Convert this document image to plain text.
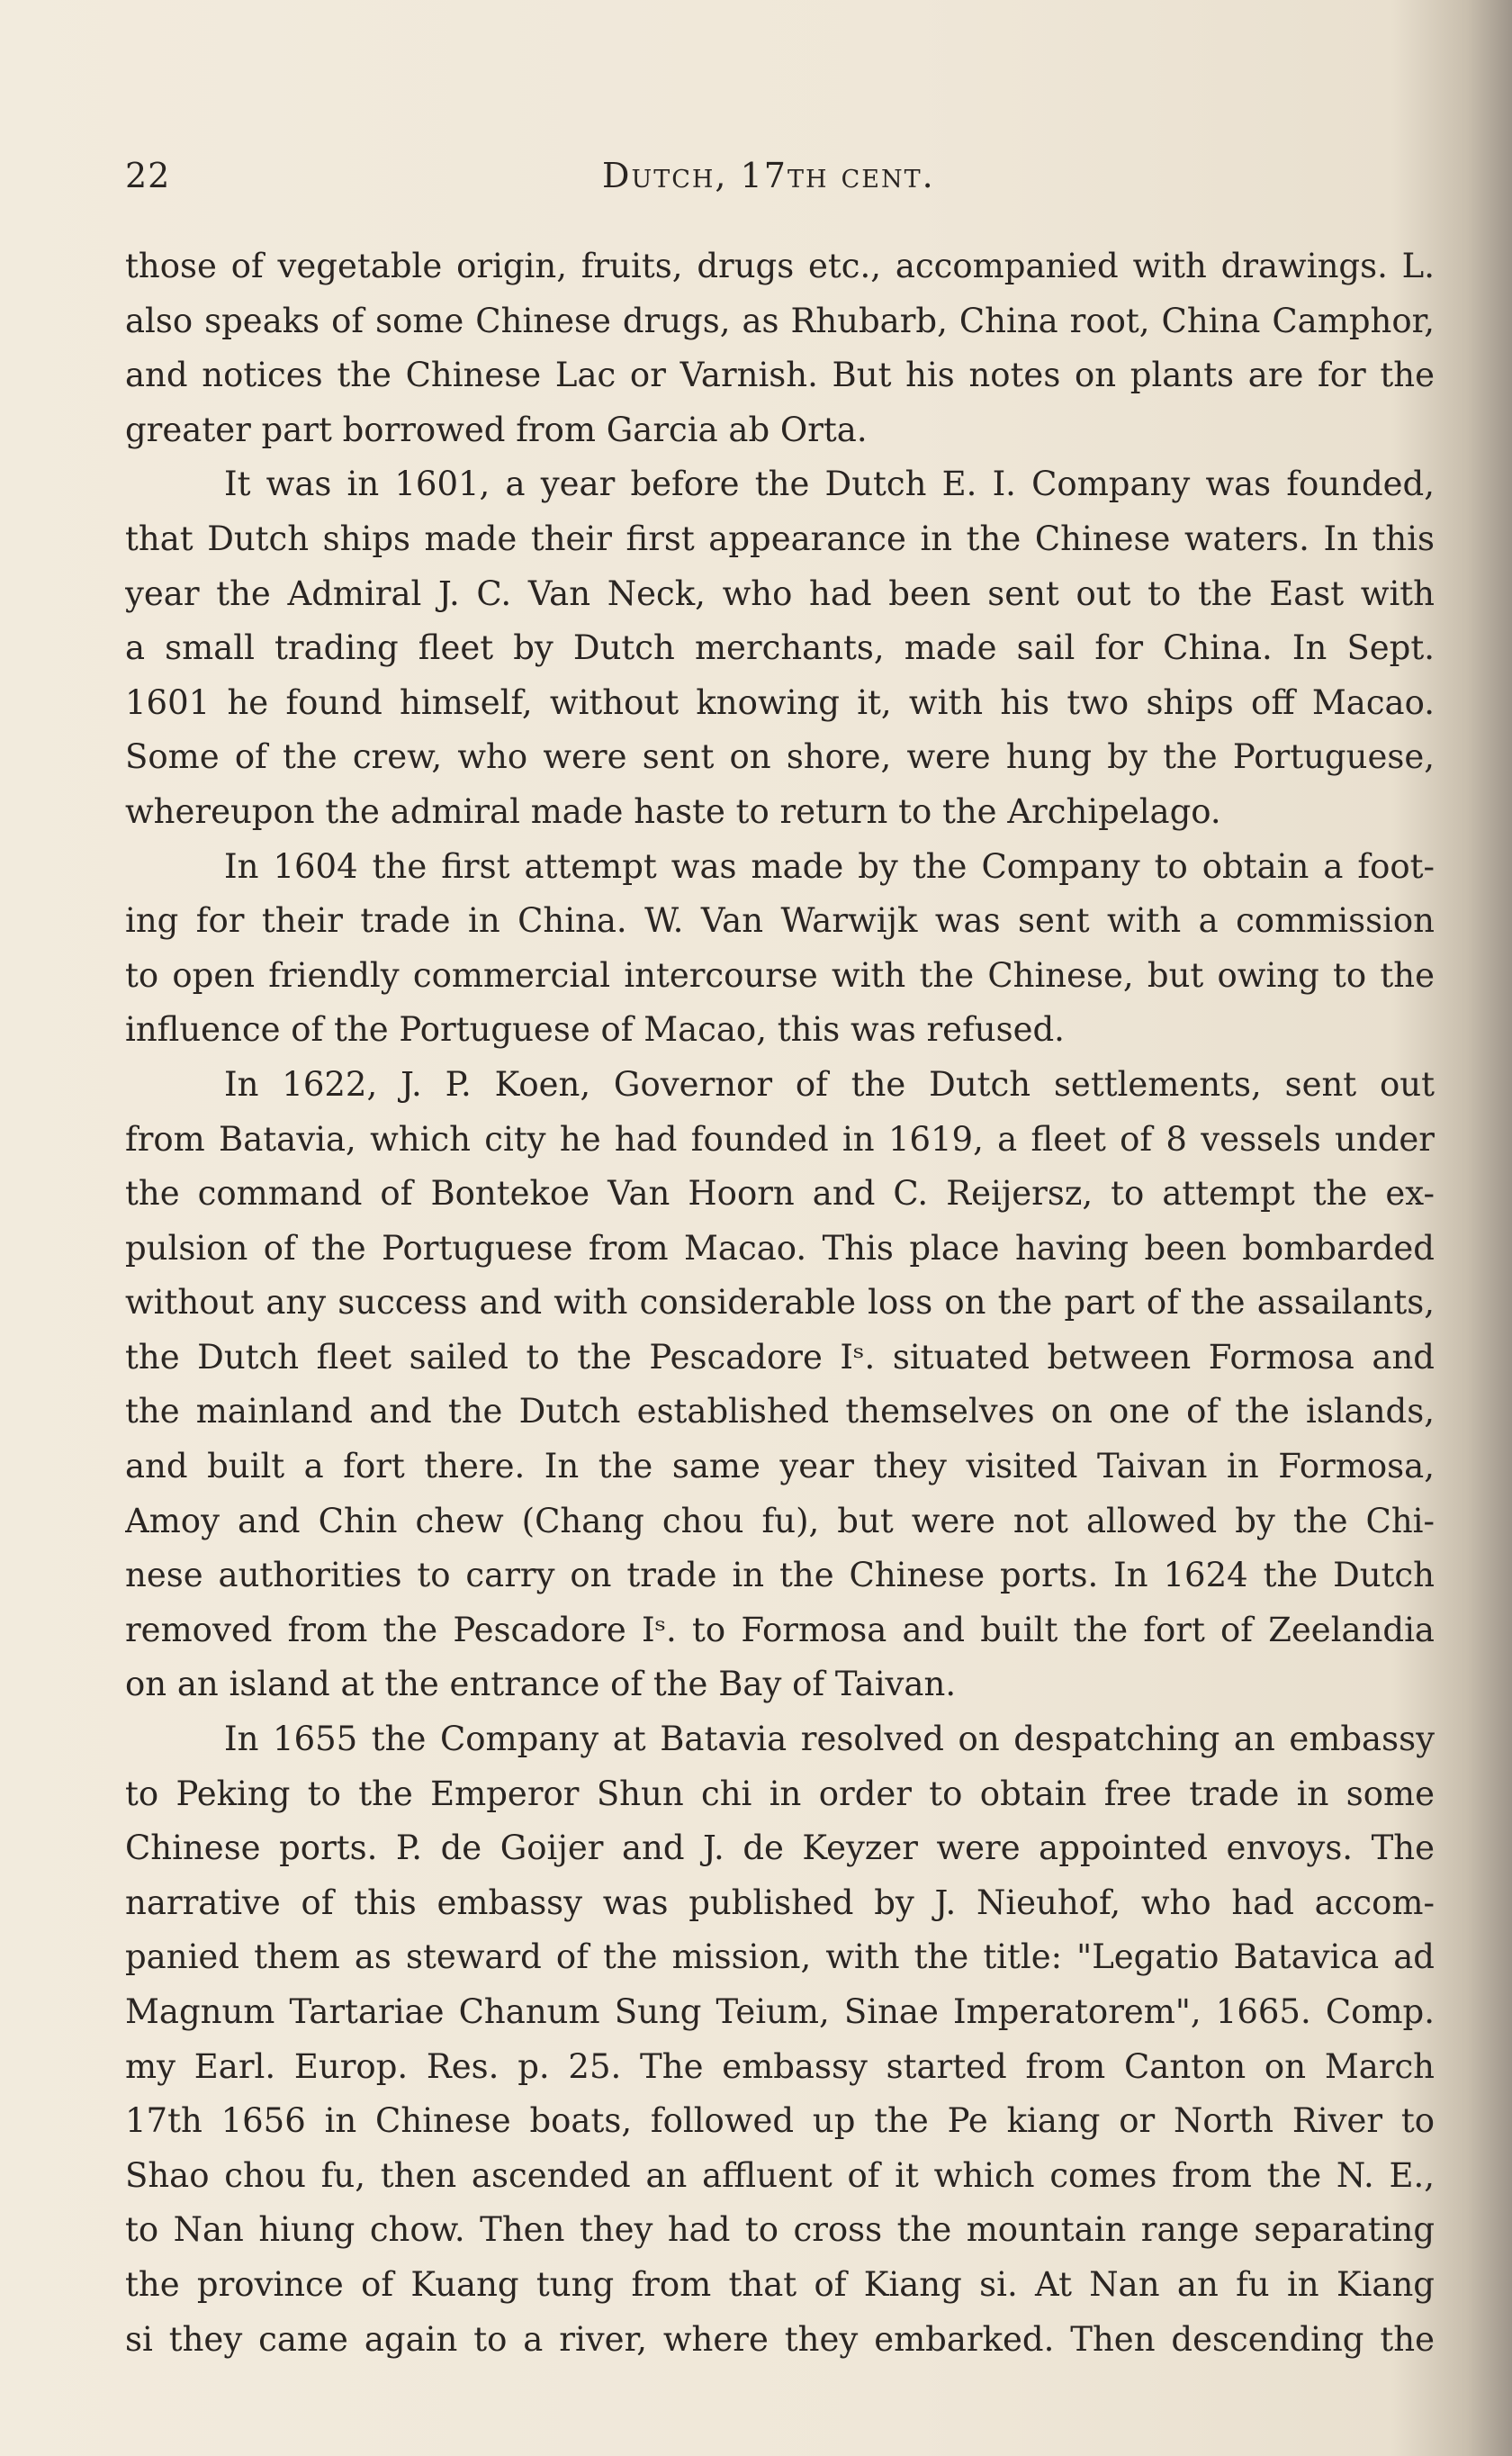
22	Dutch, 17th cent.
those of vegetable origin, fruits, drugs etc., accompanied with drawings. L.
also speaks of some Chinese drugs, as Rhubarb, China root, China Camphor,
and notices the Chinese Lac or Varnish. But his notes on plants are for the
greater part borrowed from Garcia ab Orta.
It was in 1601, a year before the Dutch E. I. Company was founded,
that Dutch ships made their first appearance in the Chinese waters. In this
year the Admiral J. C. Van Neck, who had been sent out to the East with
a small trading fleet by Dutch merchants, made sail for China. In Sept.
1601 he found himself, without knowing it, with his two ships off Macao.
Some of the crew, who were sent on shore, were hung by the Portuguese,
whereupon the admiral made haste to return to the Archipelago.
In 1604 the first attempt was made by the Company to obtain a foot-
ing for their trade in China. W. Van Warwijk was sent with a commission
to open friendly commercial intercourse with the Chinese, but owing to the
influence of the Portuguese of Macao, this was refused.
In 1622, J. P. Koen, Governor of the Dutch settlements, sent out
from Batavia, which city he had founded in 1619, a fleet of 8 vessels under
the command of Bontekoe Van Hoorn and C. Reijersz, to attempt the ex-
pulsion of the Portuguese from Macao. This place having been bombarded
without any success and with considerable loss on the part of the assailants,
the Dutch fleet sailed to the Pescadore Iˢ. situated between Formosa and
the mainland and the Dutch established themselves on one of the islands,
and built a fort there. In the same year they visited Taivan in Formosa,
Amoy and Chin chew (Chang chou fu), but were not allowed by the Chi-
nese authorities to carry on trade in the Chinese ports. In 1624 the Dutch
removed from the Pescadore Iˢ. to Formosa and built the fort of Zeelandia
on an island at the entrance of the Bay of Taivan.
In 1655 the Company at Batavia resolved on despatching an embassy
to Peking to the Emperor Shun chi in order to obtain free trade in some
Chinese ports. P. de Goijer and J. de Keyzer were appointed envoys. The
narrative of this embassy was published by J. Nieuhof, who had accom-
panied them as steward of the mission, with the title: "Legatio Batavica ad
Magnum Tartariae Chanum Sung Teium, Sinae Imperatorem", 1665. Comp.
my Earl. Europ. Res. p. 25. The embassy started from Canton on March
17th 1656 in Chinese boats, followed up the Pe kiang or North River to
Shao chou fu, then ascended an affluent of it which comes from the N. E.,
to Nan hiung chow. Then they had to cross the mountain range separating
the province of Kuang tung from that of Kiang si. At Nan an fu in Kiang
si they came again to a river, where they embarked. Then descending the
